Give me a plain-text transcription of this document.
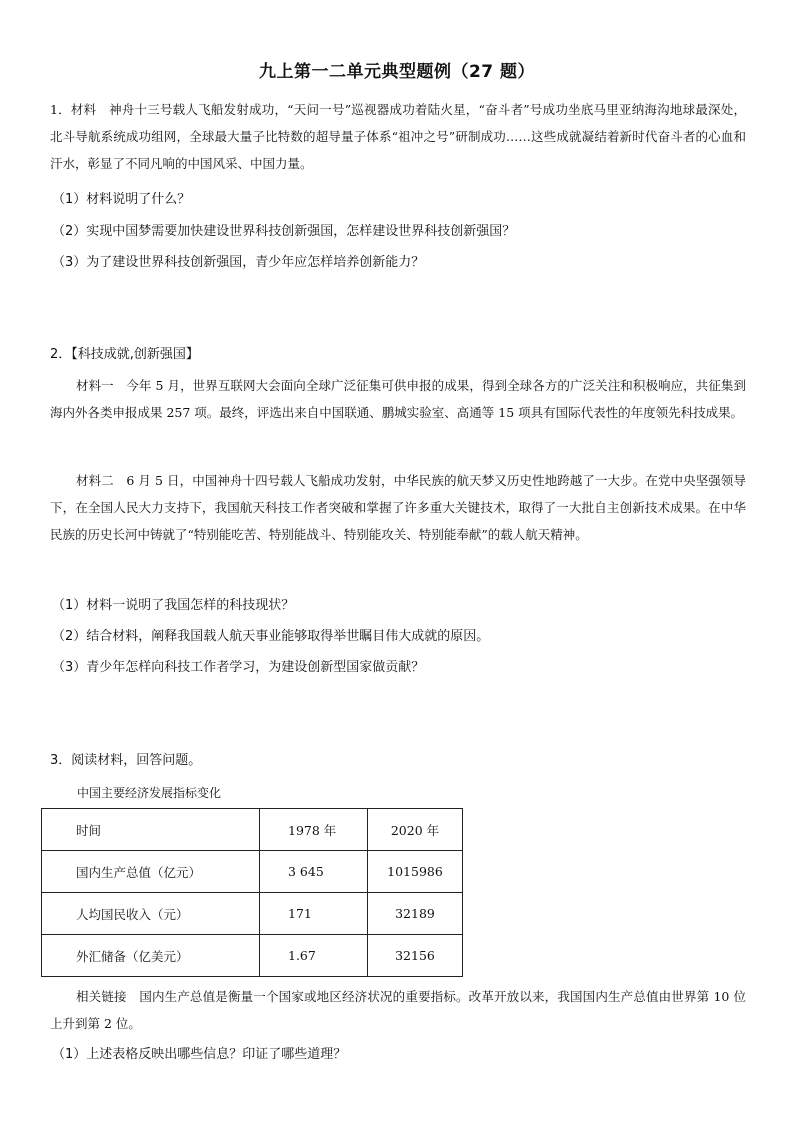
九上第一二单元典型题例（27 题）
1．材料　神舟十三号载人飞船发射成功，“天问一号”巡视器成功着陆火星，“奋斗者”号成功坐底马里亚纳海沟地球最深处，北斗导航系统成功组网，全球最大量子比特数的超导量子体系“祖冲之号”研制成功……这些成就凝结着新时代奋斗者的心血和汗水，彰显了不同凡响的中国风采、中国力量。
（1）材料说明了什么？
（2）实现中国梦需要加快建设世界科技创新强国，怎样建设世界科技创新强国？
（3）为了建设世界科技创新强国，青少年应怎样培养创新能力？
2．【科技成就,创新强国】
材料一　今年 5 月，世界互联网大会面向全球广泛征集可供申报的成果，得到全球各方的广泛关注和积极响应，共征集到海内外各类申报成果 257 项。最终，评选出来自中国联通、鹏城实验室、高通等 15 项具有国际代表性的年度领先科技成果。
材料二　6 月 5 日，中国神舟十四号载人飞船成功发射，中华民族的航天梦又历史性地跨越了一大步。在党中央坚强领导下，在全国人民大力支持下，我国航天科技工作者突破和掌握了许多重大关键技术，取得了一大批自主创新技术成果。在中华民族的历史长河中铸就了“特别能吃苦、特别能战斗、特别能攻关、特别能奉献”的载人航天精神。
（1）材料一说明了我国怎样的科技现状？
（2）结合材料，阐释我国载人航天事业能够取得举世瞩目伟大成就的原因。
（3）青少年怎样向科技工作者学习，为建设创新型国家做贡献？
3．阅读材料，回答问题。
中国主要经济发展指标变化
时间	1978 年	2020 年
国内生产总值（亿元）	3 645	1015986
人均国民收入（元）	171	32189
外汇储备（亿美元）	1.67	32156
相关链接　国内生产总值是衡量一个国家或地区经济状况的重要指标。改革开放以来，我国国内生产总值由世界第 10 位上升到第 2 位。
（1）上述表格反映出哪些信息？印证了哪些道理？
